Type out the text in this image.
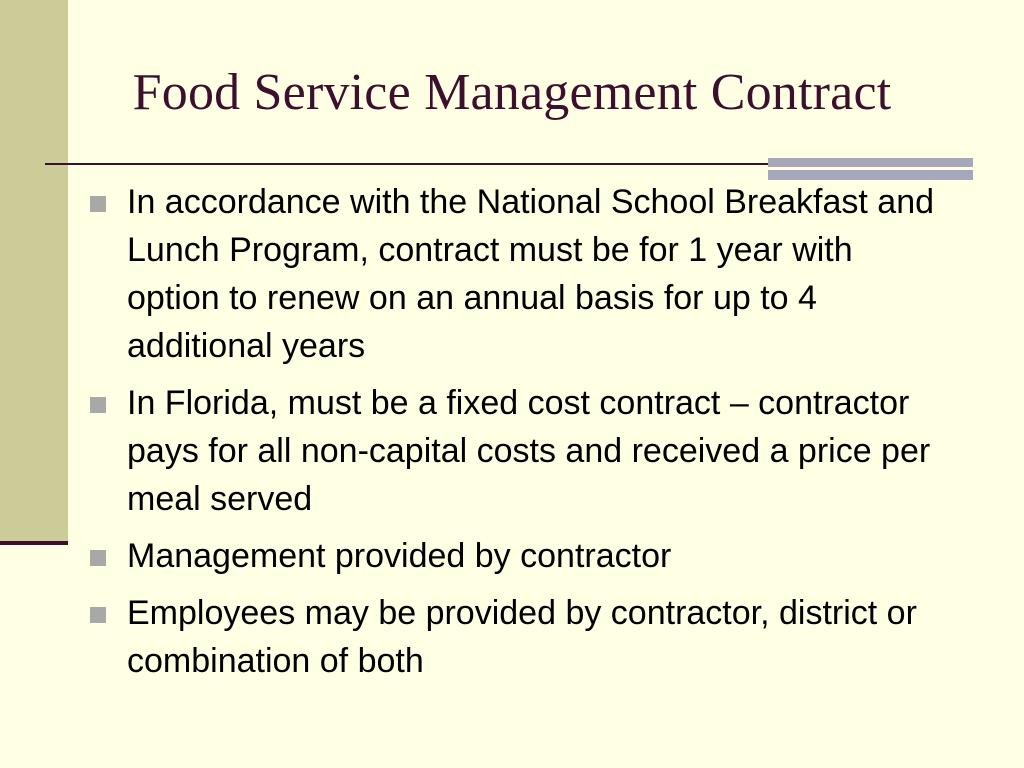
Food Service Management Contract
In accordance with the National School Breakfast and Lunch Program, contract must be for 1 year with option to renew on an annual basis for up to 4 additional years
In Florida, must be a fixed cost contract – contractor pays for all non-capital costs and received a price per meal served
Management provided by contractor
Employees may be provided by contractor, district or combination of both
